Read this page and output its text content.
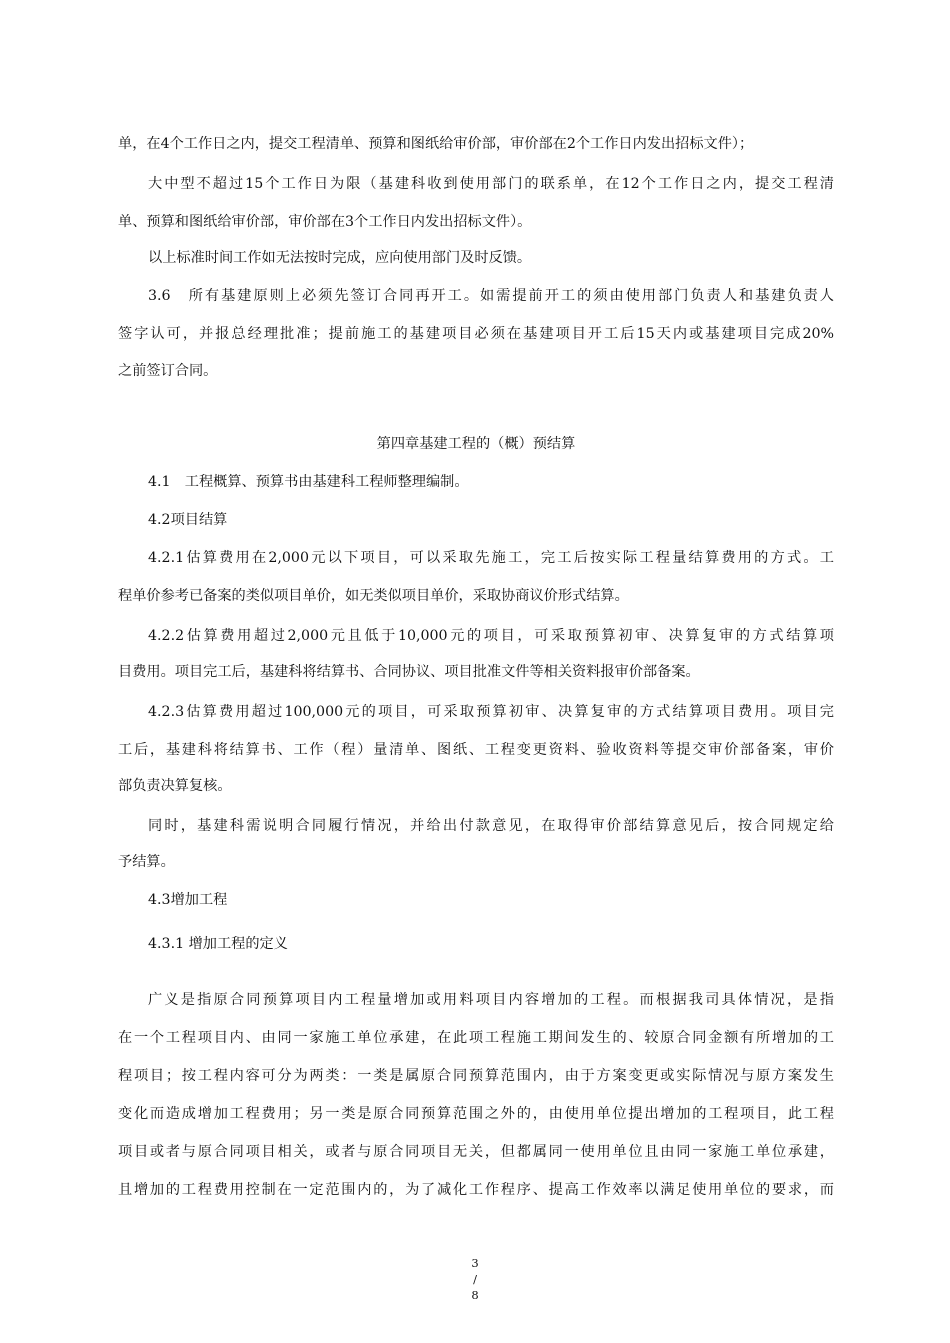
单，在4个工作日之内，提交工程清单、预算和图纸给审价部，审价部在2个工作日内发出招标文件）；
大中型不超过15个工作日为限（基建科收到使用部门的联系单，在12个工作日之内，提交工程清
单、预算和图纸给审价部，审价部在3个工作日内发出招标文件）。
以上标准时间工作如无法按时完成，应向使用部门及时反馈。
3.6　所有基建原则上必须先签订合同再开工。如需提前开工的须由使用部门负责人和基建负责人
签字认可，并报总经理批准；提前施工的基建项目必须在基建项目开工后15天内或基建项目完成20%
之前签订合同。
第四章基建工程的（概）预结算
4.1　工程概算、预算书由基建科工程师整理编制。
4.2项目结算
4.2.1估算费用在2,000元以下项目，可以采取先施工，完工后按实际工程量结算费用的方式。工
程单价参考已备案的类似项目单价，如无类似项目单价，采取协商议价形式结算。
4.2.2估算费用超过2,000元且低于10,000元的项目，可采取预算初审、决算复审的方式结算项
目费用。项目完工后，基建科将结算书、合同协议、项目批准文件等相关资料报审价部备案。
4.2.3估算费用超过100,000元的项目，可采取预算初审、决算复审的方式结算项目费用。项目完
工后，基建科将结算书、工作（程）量清单、图纸、工程变更资料、验收资料等提交审价部备案，审价
部负责决算复核。
同时，基建科需说明合同履行情况，并给出付款意见，在取得审价部结算意见后，按合同规定给
予结算。
4.3增加工程
4.3.1 增加工程的定义
广义是指原合同预算项目内工程量增加或用料项目内容增加的工程。而根据我司具体情况，是指
在一个工程项目内、由同一家施工单位承建，在此项工程施工期间发生的、较原合同金额有所增加的工
程项目；按工程内容可分为两类：一类是属原合同预算范围内，由于方案变更或实际情况与原方案发生
变化而造成增加工程费用；另一类是原合同预算范围之外的，由使用单位提出增加的工程项目，此工程
项目或者与原合同项目相关，或者与原合同项目无关，但都属同一使用单位且由同一家施工单位承建，
且增加的工程费用控制在一定范围内的，为了减化工作程序、提高工作效率以满足使用单位的要求，而
3
/
8
